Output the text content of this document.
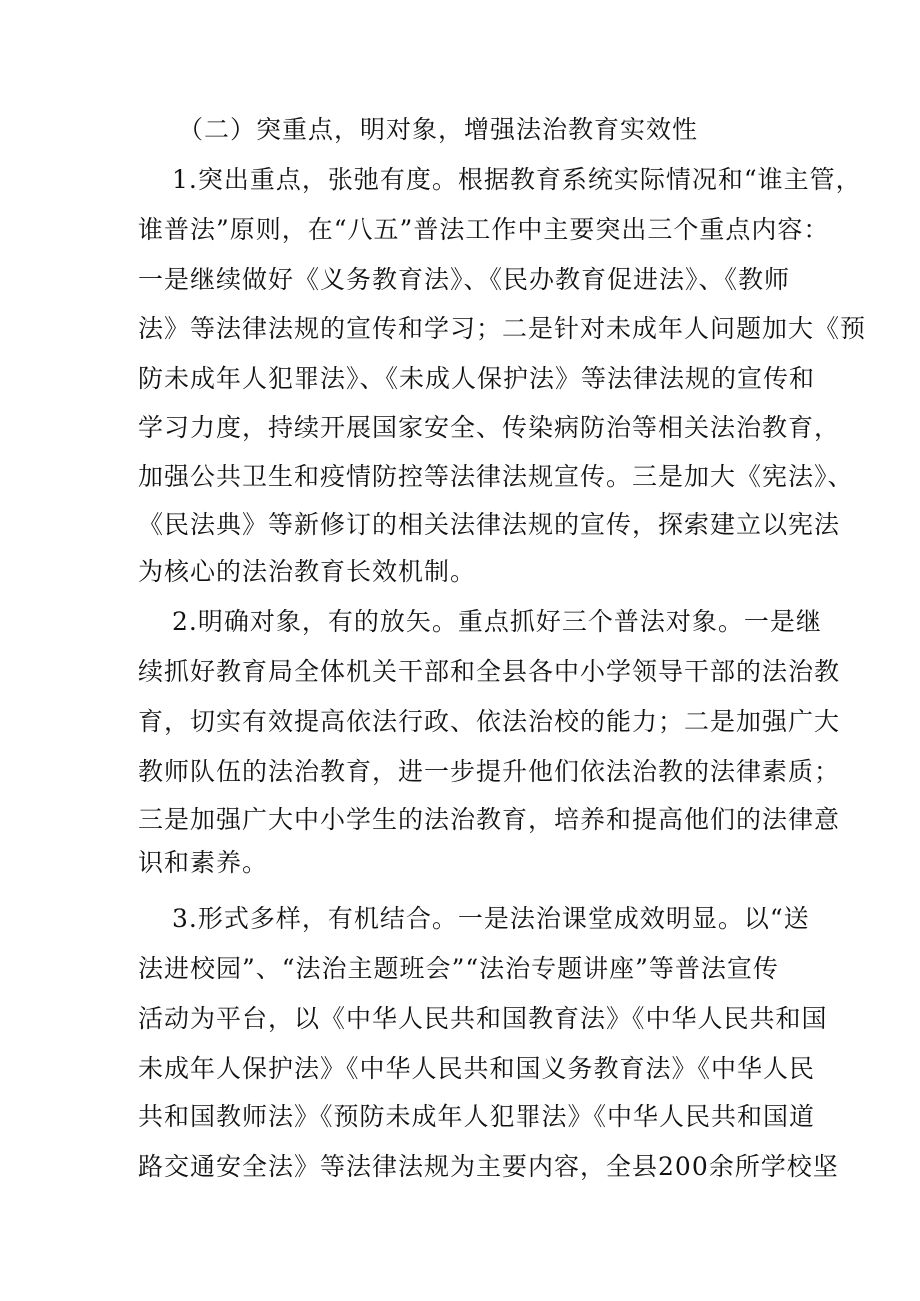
（二）突重点，明对象，增强法治教育实效性
1.突出重点，张弛有度。根据教育系统实际情况和“谁主管，
谁普法”原则，在“八五”普法工作中主要突出三个重点内容：
一是继续做好《义务教育法》、《民办教育促进法》、《教师
法》等法律法规的宣传和学习；二是针对未成年人问题加大《预
防未成年人犯罪法》、《未成人保护法》等法律法规的宣传和
学习力度，持续开展国家安全、传染病防治等相关法治教育，
加强公共卫生和疫情防控等法律法规宣传。三是加大《宪法》、
《民法典》等新修订的相关法律法规的宣传，探索建立以宪法
为核心的法治教育长效机制。
2.明确对象，有的放矢。重点抓好三个普法对象。一是继
续抓好教育局全体机关干部和全县各中小学领导干部的法治教
育，切实有效提高依法行政、依法治校的能力；二是加强广大
教师队伍的法治教育，进一步提升他们依法治教的法律素质；
三是加强广大中小学生的法治教育，培养和提高他们的法律意
识和素养。
3.形式多样，有机结合。一是法治课堂成效明显。以“送
法进校园”、“法治主题班会”“法治专题讲座”等普法宣传
活动为平台，以《中华人民共和国教育法》《中华人民共和国
未成年人保护法》《中华人民共和国义务教育法》《中华人民
共和国教师法》《预防未成年人犯罪法》《中华人民共和国道
路交通安全法》等法律法规为主要内容，全县200余所学校坚
